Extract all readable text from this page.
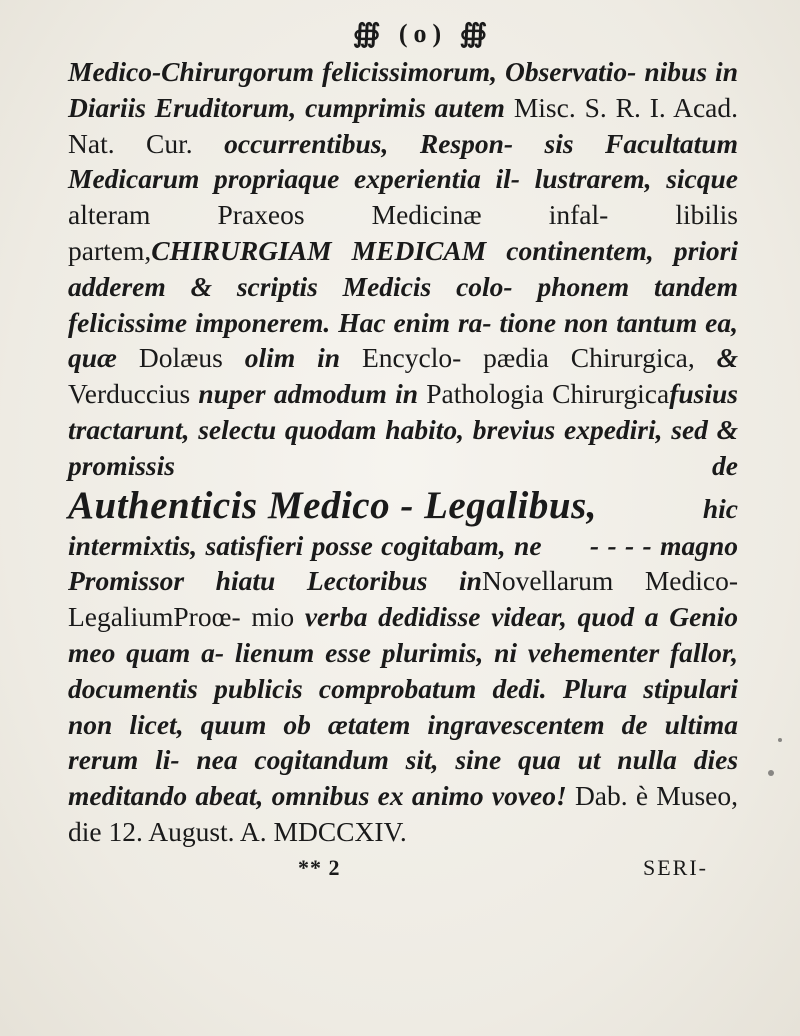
∰ (o) ∰
Medico-Chirurgorum felicissimorum, Observatio- nibus in Diariis Eruditorum, cumprimis autem Misc. S. R. I. Acad. Nat. Cur. occurrentibus, Respon- sis Facultatum Medicarum propriaque experientia il- lustrarem, sicque alteram Praxeos Medicinæ infal- libilis partem,CHIRURGIAM MEDICAM continentem, priori adderem & scriptis Medicis colo- phonem tandem felicissime imponerem. Hac enim ra- tione non tantum ea, quæ Dolæus olim in Encyclo- pædia Chirurgica, & Verduccius nuper admodum in Pathologia Chirurgicafusius tractarunt, selectu quodam habito, brevius expediri, sed & promissis de Authenticis Medico - Legalibus,	hic intermixtis, satisfieri posse cogitabam, ne - - - - magno Promissor hiatu Lectoribus inNovellarum Medico-LegaliumProœ- mio verba dedidisse videar, quod a Genio meo quam a- lienum esse plurimis, ni vehementer fallor, documentis publicis comprobatum dedi. Plura stipulari non licet, quum ob ætatem ingravescentem de ultima rerum li- nea cogitandum sit, sine qua ut nulla dies meditando abeat, omnibus ex animo voveo! Dab. è Museo, die 12. August. A. MDCCXIV.
** 2	SERI-
